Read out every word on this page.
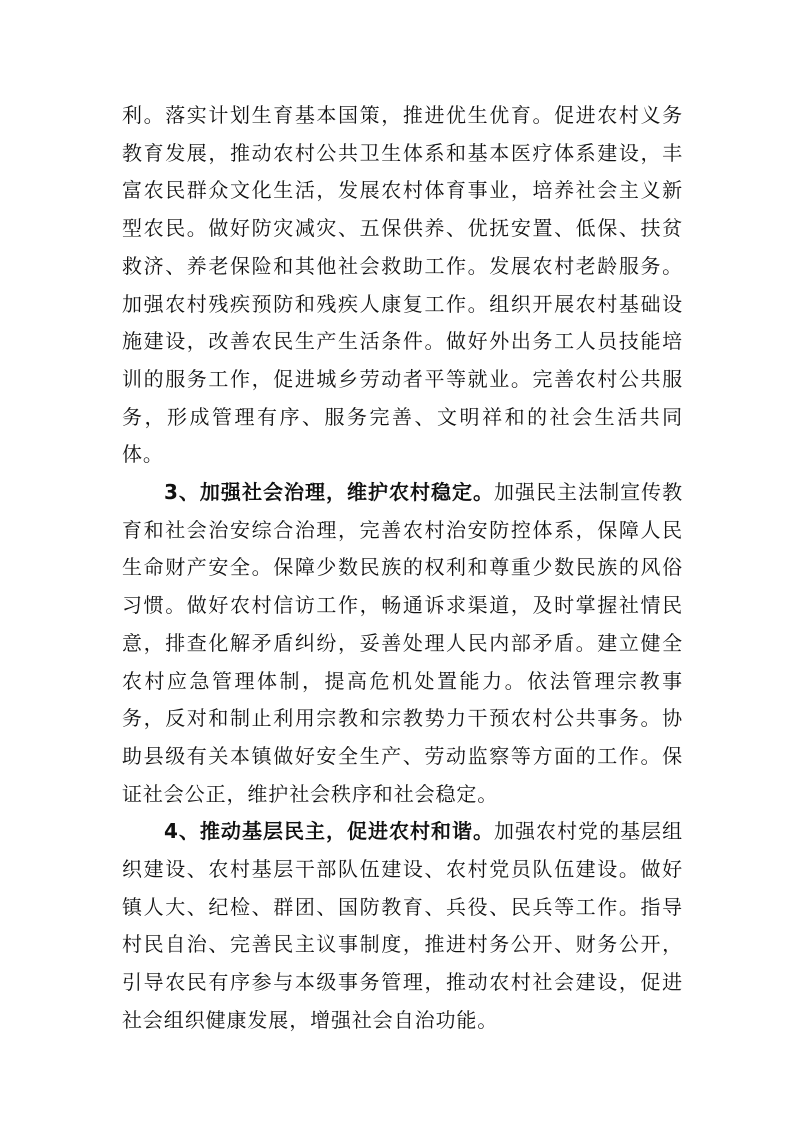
利。落实计划生育基本国策，推进优生优育。促进农村义务教育发展，推动农村公共卫生体系和基本医疗体系建设，丰富农民群众文化生活，发展农村体育事业，培养社会主义新型农民。做好防灾减灾、五保供养、优抚安置、低保、扶贫救济、养老保险和其他社会救助工作。发展农村老龄服务。加强农村残疾预防和残疾人康复工作。组织开展农村基础设施建设，改善农民生产生活条件。做好外出务工人员技能培训的服务工作，促进城乡劳动者平等就业。完善农村公共服务，形成管理有序、服务完善、文明祥和的社会生活共同体。

3、加强社会治理，维护农村稳定。加强民主法制宣传教育和社会治安综合治理，完善农村治安防控体系，保障人民生命财产安全。保障少数民族的权利和尊重少数民族的风俗习惯。做好农村信访工作，畅通诉求渠道，及时掌握社情民意，排查化解矛盾纠纷，妥善处理人民内部矛盾。建立健全农村应急管理体制，提高危机处置能力。依法管理宗教事务，反对和制止利用宗教和宗教势力干预农村公共事务。协助县级有关本镇做好安全生产、劳动监察等方面的工作。保证社会公正，维护社会秩序和社会稳定。

4、推动基层民主，促进农村和谐。加强农村党的基层组织建设、农村基层干部队伍建设、农村党员队伍建设。做好镇人大、纪检、群团、国防教育、兵役、民兵等工作。指导村民自治、完善民主议事制度，推进村务公开、财务公开，引导农民有序参与本级事务管理，推动农村社会建设，促进社会组织健康发展，增强社会自治功能。
